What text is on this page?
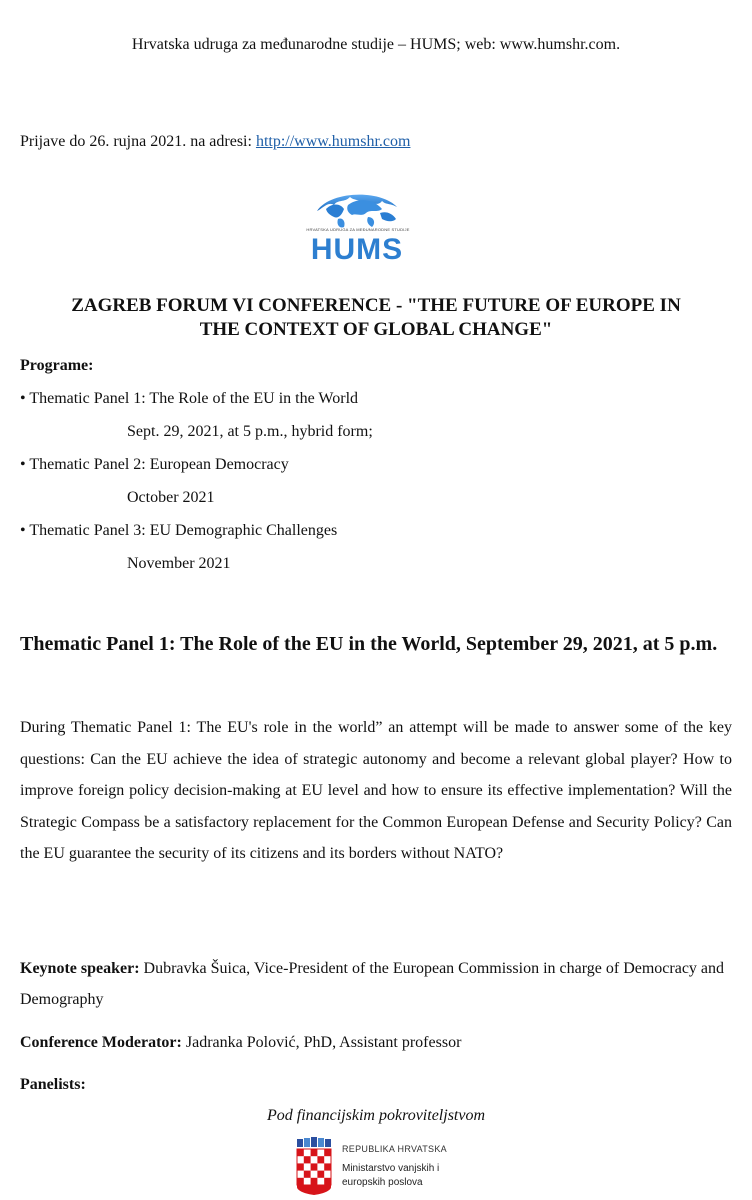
Hrvatska udruga za međunarodne studije – HUMS; web: www.humshr.com.
Prijave do 26. rujna 2021. na adresi: http://www.humshr.com
HRVATSKA UDRUGA ZA MEĐUNARODNE STUDIJE
HUMS
ZAGREB FORUM VI CONFERENCE - "THE FUTURE OF EUROPE IN
THE CONTEXT OF GLOBAL CHANGE"
Programe:
• Thematic Panel 1: The Role of the EU in the World
Sept. 29, 2021, at 5 p.m., hybrid form;
• Thematic Panel 2: European Democracy
October 2021
• Thematic Panel 3: EU Demographic Challenges
November 2021
Thematic Panel 1: The Role of the EU in the World, September 29, 2021, at 5 p.m.
During Thematic Panel 1: The EU's role in the world” an attempt will be made to answer some of the key questions: Can the EU achieve the idea of strategic autonomy and become a relevant global player? How to improve foreign policy decision-making at EU level and how to ensure its effective implementation? Will the Strategic Compass be a satisfactory replacement for the Common European Defense and Security Policy? Can the EU guarantee the security of its citizens and its borders without NATO?
Keynote speaker: Dubravka Šuica, Vice-President of the European Commission in charge of Democracy and Demography
Conference Moderator: Jadranka Polović, PhD, Assistant professor
Panelists:
Pod financijskim pokroviteljstvom
REPUBLIKA HRVATSKA
Ministarstvo vanjskih i
europskih poslova
